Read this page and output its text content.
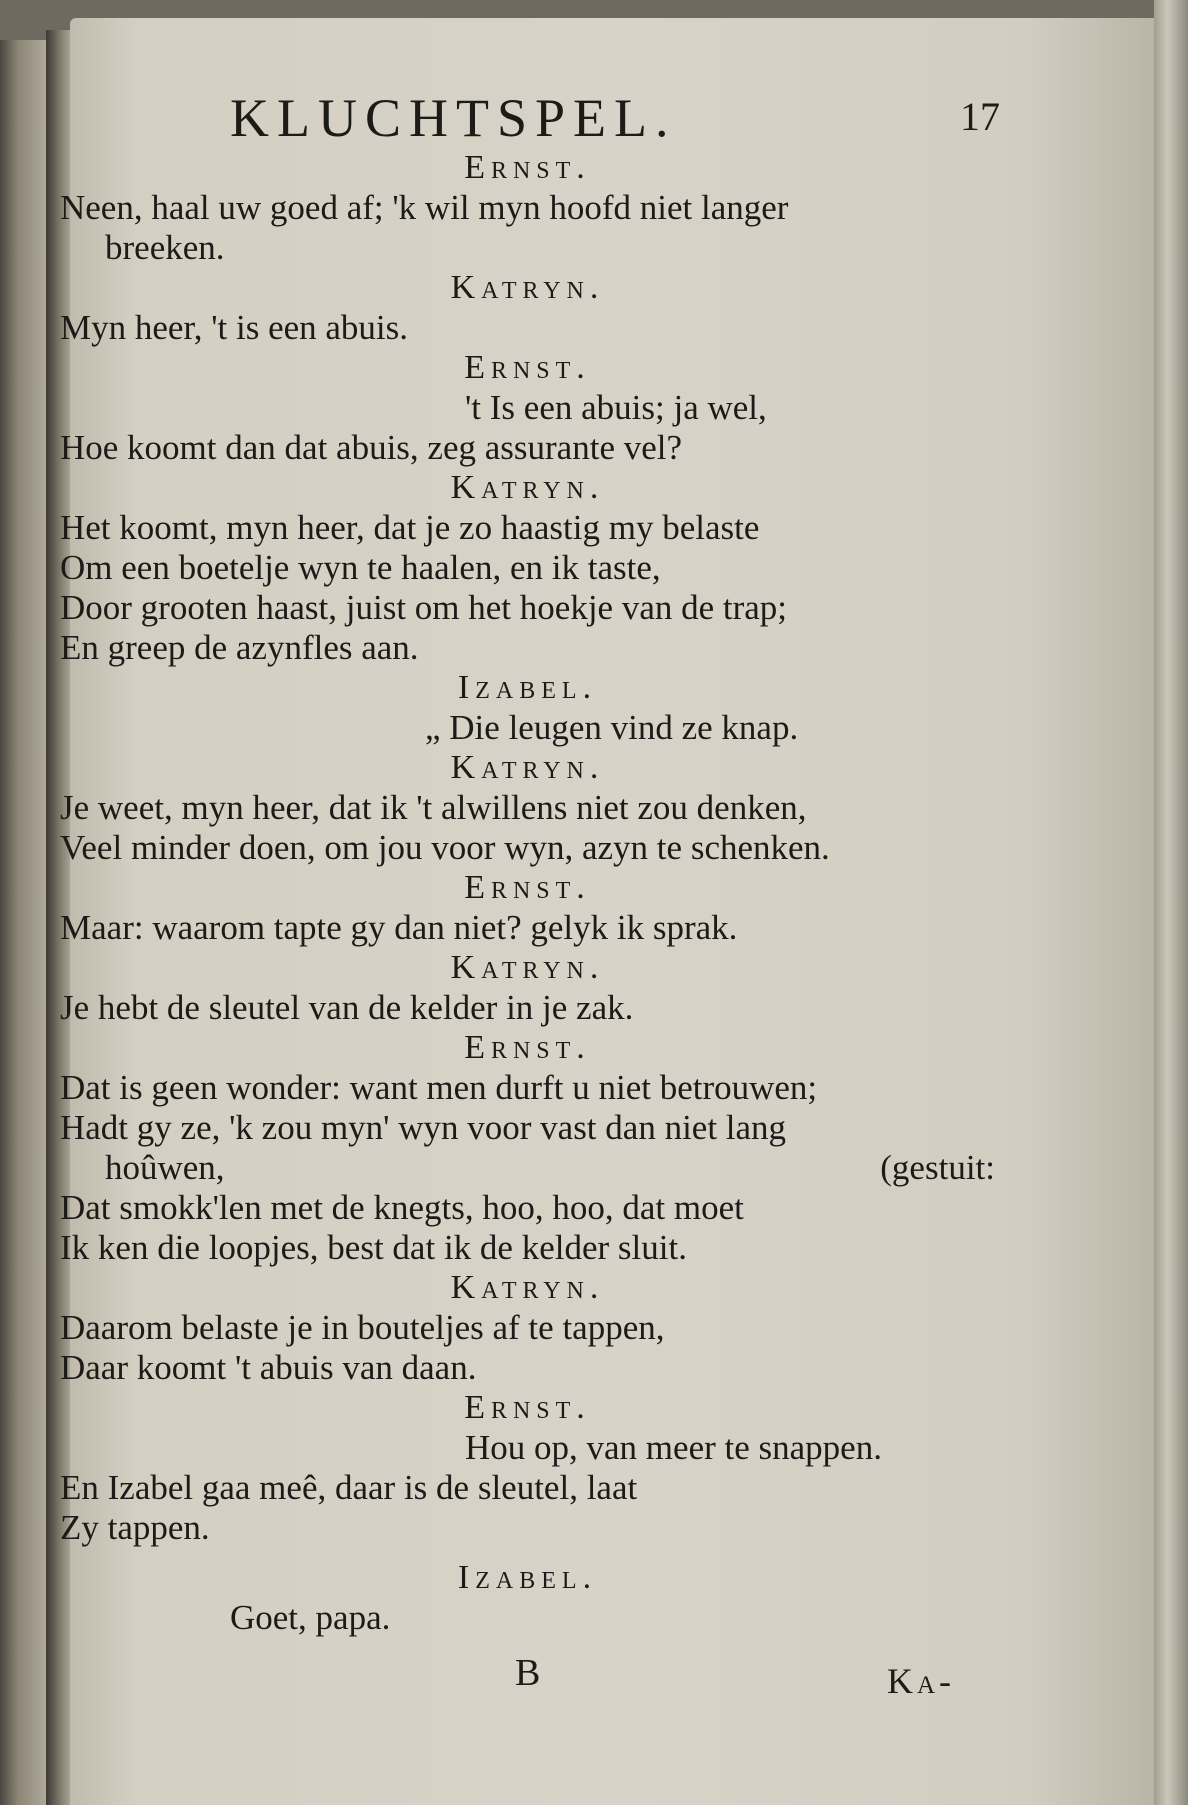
KLUCHTSPEL.	17
Ernst.
Neen, haal uw goed af; 'k wil myn hoofd niet langer
breeken.
Katryn.
Myn heer, 't is een abuis.
Ernst.
't Is een abuis; ja wel,
Hoe koomt dan dat abuis, zeg assurante vel?
Katryn.
Het koomt, myn heer, dat je zo haastig my belaste
Om een boetelje wyn te haalen, en ik taste,
Door grooten haast, juist om het hoekje van de trap;
En greep de azynfles aan.
Izabel.
„ Die leugen vind ze knap.
Katryn.
Je weet, myn heer, dat ik 't alwillens niet zou denken,
Veel minder doen, om jou voor wyn, azyn te schenken.
Ernst.
Maar: waarom tapte gy dan niet? gelyk ik sprak.
Katryn.
Je hebt de sleutel van de kelder in je zak.
Ernst.
Dat is geen wonder: want men durft u niet betrouwen;
Hadt gy ze, 'k zou myn' wyn voor vast dan niet lang
hoûwen,	(gestuit:
Dat smokk'len met de knegts, hoo, hoo, dat moet
Ik ken die loopjes, best dat ik de kelder sluit.
Katryn.
Daarom belaste je in bouteljes af te tappen,
Daar koomt 't abuis van daan.
Ernst.
Hou op, van meer te snappen.
En Izabel gaa meê, daar is de sleutel, laat
Zy tappen.
Izabel.
Goet, papa.
B	Ka-
